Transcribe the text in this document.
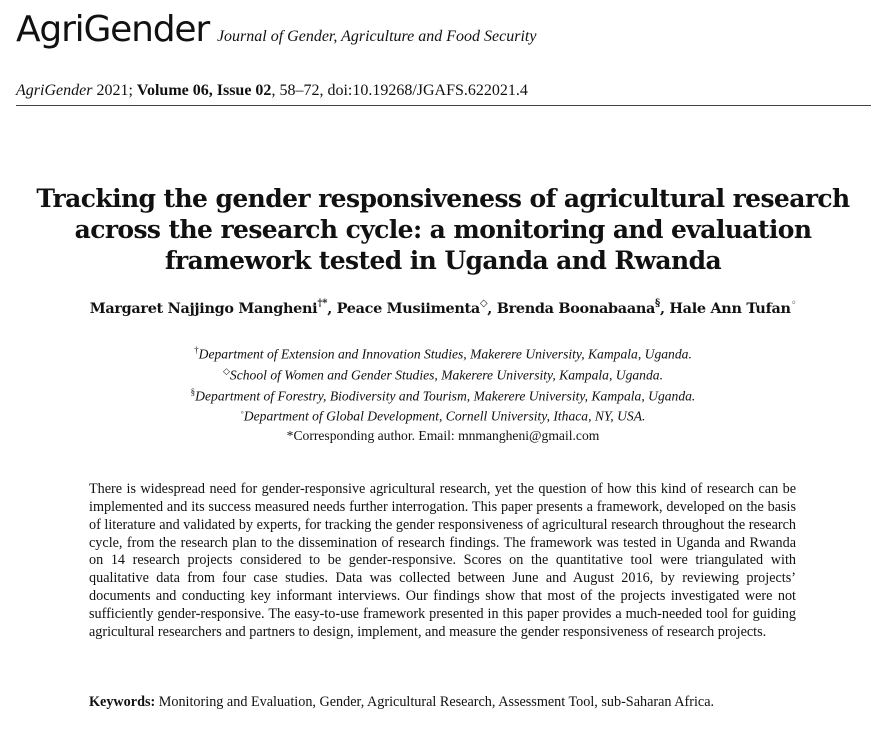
AgriGender Journal of Gender, Agriculture and Food Security
AgriGender 2021; Volume 06, Issue 02, 58–72, doi:10.19268/JGAFS.622021.4
Tracking the gender responsiveness of agricultural research across the research cycle: a monitoring and evaluation framework tested in Uganda and Rwanda
Margaret Najjingo Mangheni†*, Peace Musiimenta◇, Brenda Boonabaana§, Hale Ann Tufan◦
†Department of Extension and Innovation Studies, Makerere University, Kampala, Uganda.
◇School of Women and Gender Studies, Makerere University, Kampala, Uganda.
§Department of Forestry, Biodiversity and Tourism, Makerere University, Kampala, Uganda.
◦Department of Global Development, Cornell University, Ithaca, NY, USA.
*Corresponding author. Email: mnmangheni@gmail.com

There is widespread need for gender-responsive agricultural research, yet the question of how this kind of research can be implemented and its success measured needs further interrogation. This paper presents a framework, developed on the basis of literature and validated by experts, for tracking the gender responsiveness of agricultural research throughout the research cycle, from the research plan to the dissemination of research findings. The framework was tested in Uganda and Rwanda on 14 research projects considered to be gender-responsive. Scores on the quantitative tool were triangulated with qualitative data from four case studies. Data was collected between June and August 2016, by reviewing projects’ documents and conducting key informant interviews. Our findings show that most of the projects investigated were not sufficiently gender-responsive. The easy-to-use framework presented in this paper provides a much-needed tool for guiding agricultural researchers and partners to design, implement, and measure the gender responsiveness of research projects.

Keywords: Monitoring and Evaluation, Gender, Agricultural Research, Assessment Tool, sub-Saharan Africa.
